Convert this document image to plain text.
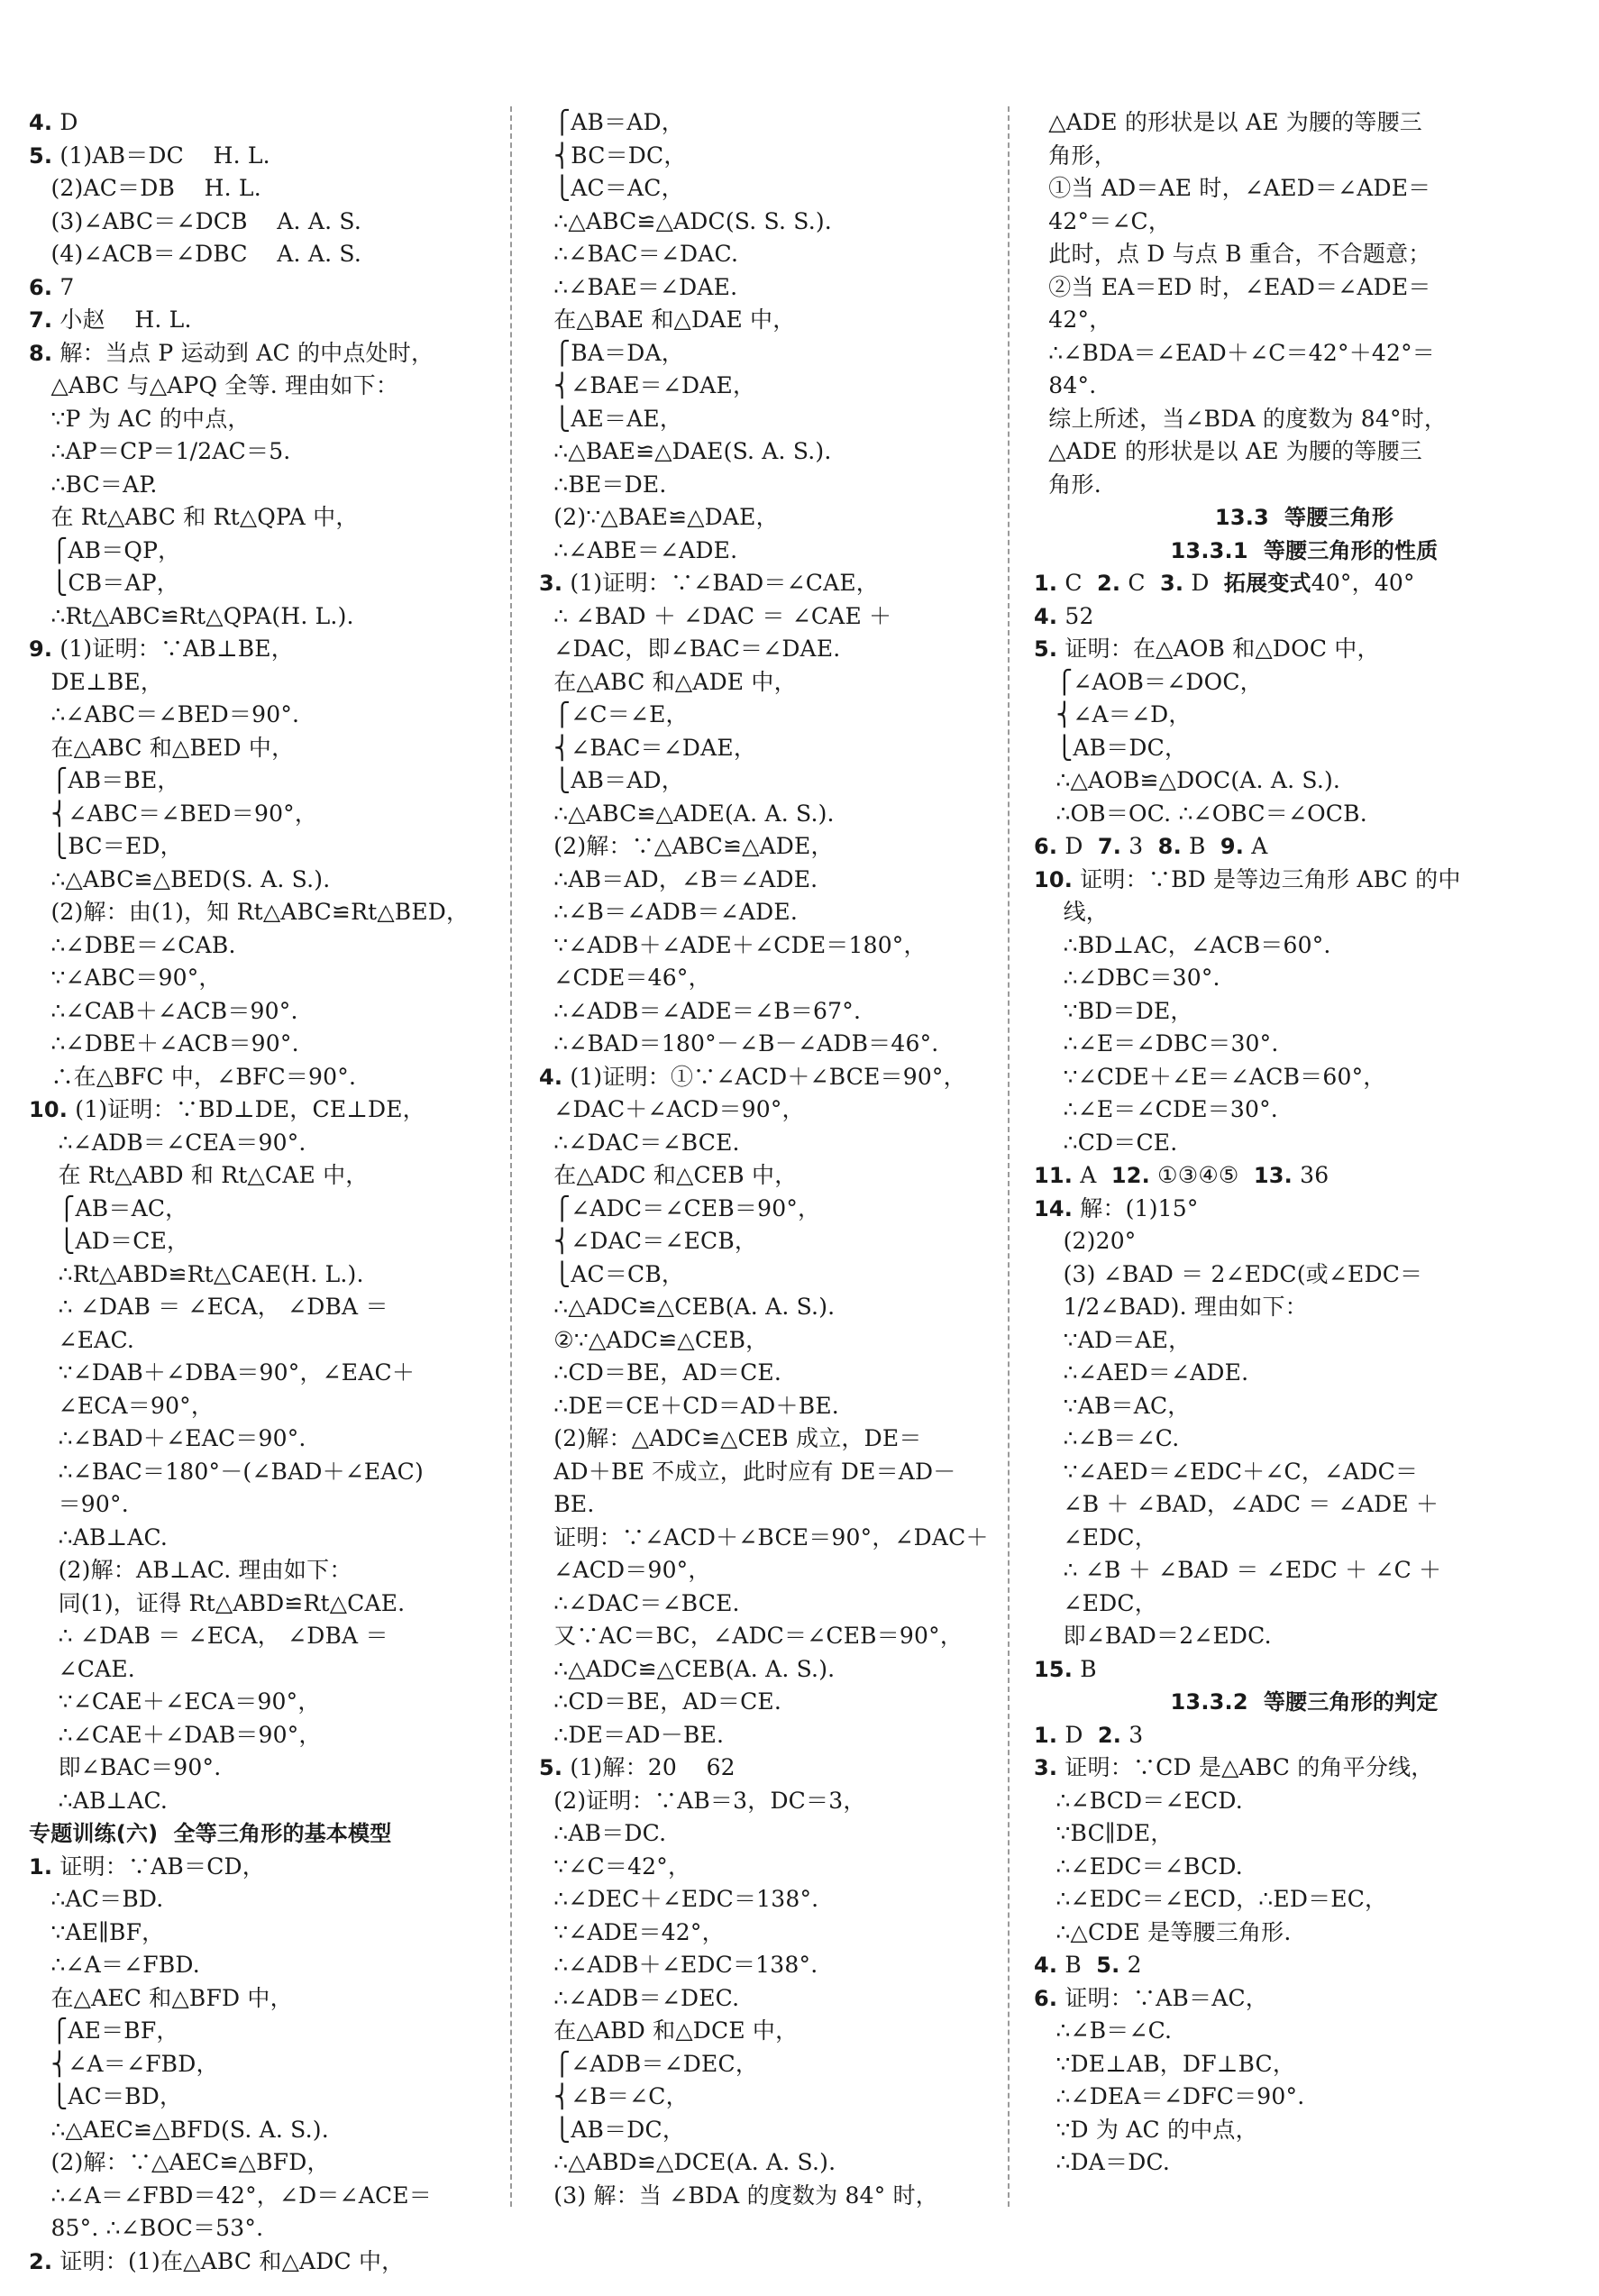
4. D
5. (1)AB＝DC    H. L.
(2)AC＝DB    H. L.
(3)∠ABC＝∠DCB    A. A. S.
(4)∠ACB＝∠DBC    A. A. S.
6. 7
7. 小赵    H. L.
8. 解：当点 P 运动到 AC 的中点处时，
△ABC 与△APQ 全等. 理由如下：
∵P 为 AC 的中点，
∴AP＝CP＝1/2AC＝5.
∴BC＝AP.
在 Rt△ABC 和 Rt△QPA 中，
⎧AB＝QP，
⎩CB＝AP，
∴Rt△ABC≌Rt△QPA(H. L.).
9. (1)证明：∵AB⊥BE，
DE⊥BE，
∴∠ABC＝∠BED＝90°.
在△ABC 和△BED 中，
⎧AB＝BE，
⎨∠ABC＝∠BED＝90°，
⎩BC＝ED，
∴△ABC≌△BED(S. A. S.).
(2)解：由(1)，知 Rt△ABC≌Rt△BED，
∴∠DBE＝∠CAB.
∵∠ABC＝90°，
∴∠CAB＋∠ACB＝90°.
∴∠DBE＋∠ACB＝90°.
∴在△BFC 中，∠BFC＝90°.
10. (1)证明：∵BD⊥DE，CE⊥DE，
∴∠ADB＝∠CEA＝90°.
在 Rt△ABD 和 Rt△CAE 中，
⎧AB＝AC，
⎩AD＝CE，
∴Rt△ABD≌Rt△CAE(H. L.).
∴ ∠DAB ＝ ∠ECA， ∠DBA ＝
∠EAC.
∵∠DAB＋∠DBA＝90°，∠EAC＋
∠ECA＝90°，
∴∠BAD＋∠EAC＝90°.
∴∠BAC＝180°－(∠BAD＋∠EAC)
＝90°.
∴AB⊥AC.
(2)解：AB⊥AC. 理由如下：
同(1)，证得 Rt△ABD≌Rt△CAE.
∴ ∠DAB ＝ ∠ECA， ∠DBA ＝
∠CAE.
∵∠CAE＋∠ECA＝90°，
∴∠CAE＋∠DAB＝90°，
即∠BAC＝90°.
∴AB⊥AC.
专题训练(六)  全等三角形的基本模型
1. 证明：∵AB＝CD，
∴AC＝BD.
∵AE∥BF，
∴∠A＝∠FBD.
在△AEC 和△BFD 中，
⎧AE＝BF，
⎨∠A＝∠FBD，
⎩AC＝BD，
∴△AEC≌△BFD(S. A. S.).
(2)解：∵△AEC≌△BFD，
∴∠A＝∠FBD＝42°，∠D＝∠ACE＝
85°. ∴∠BOC＝53°.
2. 证明：(1)在△ABC 和△ADC 中，
⎧AB＝AD，
⎨BC＝DC，
⎩AC＝AC，
∴△ABC≌△ADC(S. S. S.).
∴∠BAC＝∠DAC.
∴∠BAE＝∠DAE.
在△BAE 和△DAE 中，
⎧BA＝DA，
⎨∠BAE＝∠DAE，
⎩AE＝AE，
∴△BAE≌△DAE(S. A. S.).
∴BE＝DE.
(2)∵△BAE≌△DAE，
∴∠ABE＝∠ADE.
3. (1)证明：∵∠BAD＝∠CAE，
∴ ∠BAD ＋ ∠DAC ＝ ∠CAE ＋
∠DAC，即∠BAC＝∠DAE.
在△ABC 和△ADE 中，
⎧∠C＝∠E，
⎨∠BAC＝∠DAE，
⎩AB＝AD，
∴△ABC≌△ADE(A. A. S.).
(2)解：∵△ABC≌△ADE，
∴AB＝AD，∠B＝∠ADE.
∴∠B＝∠ADB＝∠ADE.
∵∠ADB＋∠ADE＋∠CDE＝180°，
∠CDE＝46°，
∴∠ADB＝∠ADE＝∠B＝67°.
∴∠BAD＝180°－∠B－∠ADB＝46°.
4. (1)证明：①∵∠ACD＋∠BCE＝90°，
∠DAC＋∠ACD＝90°，
∴∠DAC＝∠BCE.
在△ADC 和△CEB 中，
⎧∠ADC＝∠CEB＝90°，
⎨∠DAC＝∠ECB，
⎩AC＝CB，
∴△ADC≌△CEB(A. A. S.).
②∵△ADC≌△CEB，
∴CD＝BE，AD＝CE.
∴DE＝CE＋CD＝AD＋BE.
(2)解：△ADC≌△CEB 成立，DE＝
AD＋BE 不成立，此时应有 DE＝AD－
BE.
证明：∵∠ACD＋∠BCE＝90°，∠DAC＋
∠ACD＝90°，
∴∠DAC＝∠BCE.
又∵AC＝BC，∠ADC＝∠CEB＝90°，
∴△ADC≌△CEB(A. A. S.).
∴CD＝BE，AD＝CE.
∴DE＝AD－BE.
5. (1)解：20    62
(2)证明：∵AB＝3，DC＝3，
∴AB＝DC.
∵∠C＝42°，
∴∠DEC＋∠EDC＝138°.
∵∠ADE＝42°，
∴∠ADB＋∠EDC＝138°.
∴∠ADB＝∠DEC.
在△ABD 和△DCE 中，
⎧∠ADB＝∠DEC，
⎨∠B＝∠C，
⎩AB＝DC，
∴△ABD≌△DCE(A. A. S.).
(3) 解：当 ∠BDA 的度数为 84° 时，
△ADE 的形状是以 AE 为腰的等腰三
角形，
①当 AD＝AE 时，∠AED＝∠ADE＝
42°＝∠C，
此时，点 D 与点 B 重合，不合题意；
②当 EA＝ED 时，∠EAD＝∠ADE＝
42°，
∴∠BDA＝∠EAD＋∠C＝42°＋42°＝
84°.
综上所述，当∠BDA 的度数为 84°时，
△ADE 的形状是以 AE 为腰的等腰三
角形.
13.3  等腰三角形
13.3.1  等腰三角形的性质
1. C  2. C  3. D  拓展变式40°，40°
4. 52
5. 证明：在△AOB 和△DOC 中，
⎧∠AOB＝∠DOC，
⎨∠A＝∠D，
⎩AB＝DC，
∴△AOB≌△DOC(A. A. S.).
∴OB＝OC. ∴∠OBC＝∠OCB.
6. D  7. 3  8. B  9. A
10. 证明：∵BD 是等边三角形 ABC 的中
线，
∴BD⊥AC，∠ACB＝60°.
∴∠DBC＝30°.
∵BD＝DE，
∴∠E＝∠DBC＝30°.
∵∠CDE＋∠E＝∠ACB＝60°，
∴∠E＝∠CDE＝30°.
∴CD＝CE.
11. A  12. ①③④⑤  13. 36
14. 解：(1)15°
(2)20°
(3) ∠BAD ＝ 2∠EDC(或∠EDC＝
1/2∠BAD). 理由如下：
∵AD＝AE，
∴∠AED＝∠ADE.
∵AB＝AC，
∴∠B＝∠C.
∵∠AED＝∠EDC＋∠C，∠ADC＝
∠B ＋ ∠BAD，∠ADC ＝ ∠ADE ＋
∠EDC，
∴ ∠B ＋ ∠BAD ＝ ∠EDC ＋ ∠C ＋
∠EDC，
即∠BAD＝2∠EDC.
15. B
13.3.2  等腰三角形的判定
1. D  2. 3
3. 证明：∵CD 是△ABC 的角平分线，
∴∠BCD＝∠ECD.
∵BC∥DE，
∴∠EDC＝∠BCD.
∴∠EDC＝∠ECD，∴ED＝EC，
∴△CDE 是等腰三角形.
4. B  5. 2
6. 证明：∵AB＝AC，
∴∠B＝∠C.
∵DE⊥AB，DF⊥BC，
∴∠DEA＝∠DFC＝90°.
∵D 为 AC 的中点，
∴DA＝DC.
